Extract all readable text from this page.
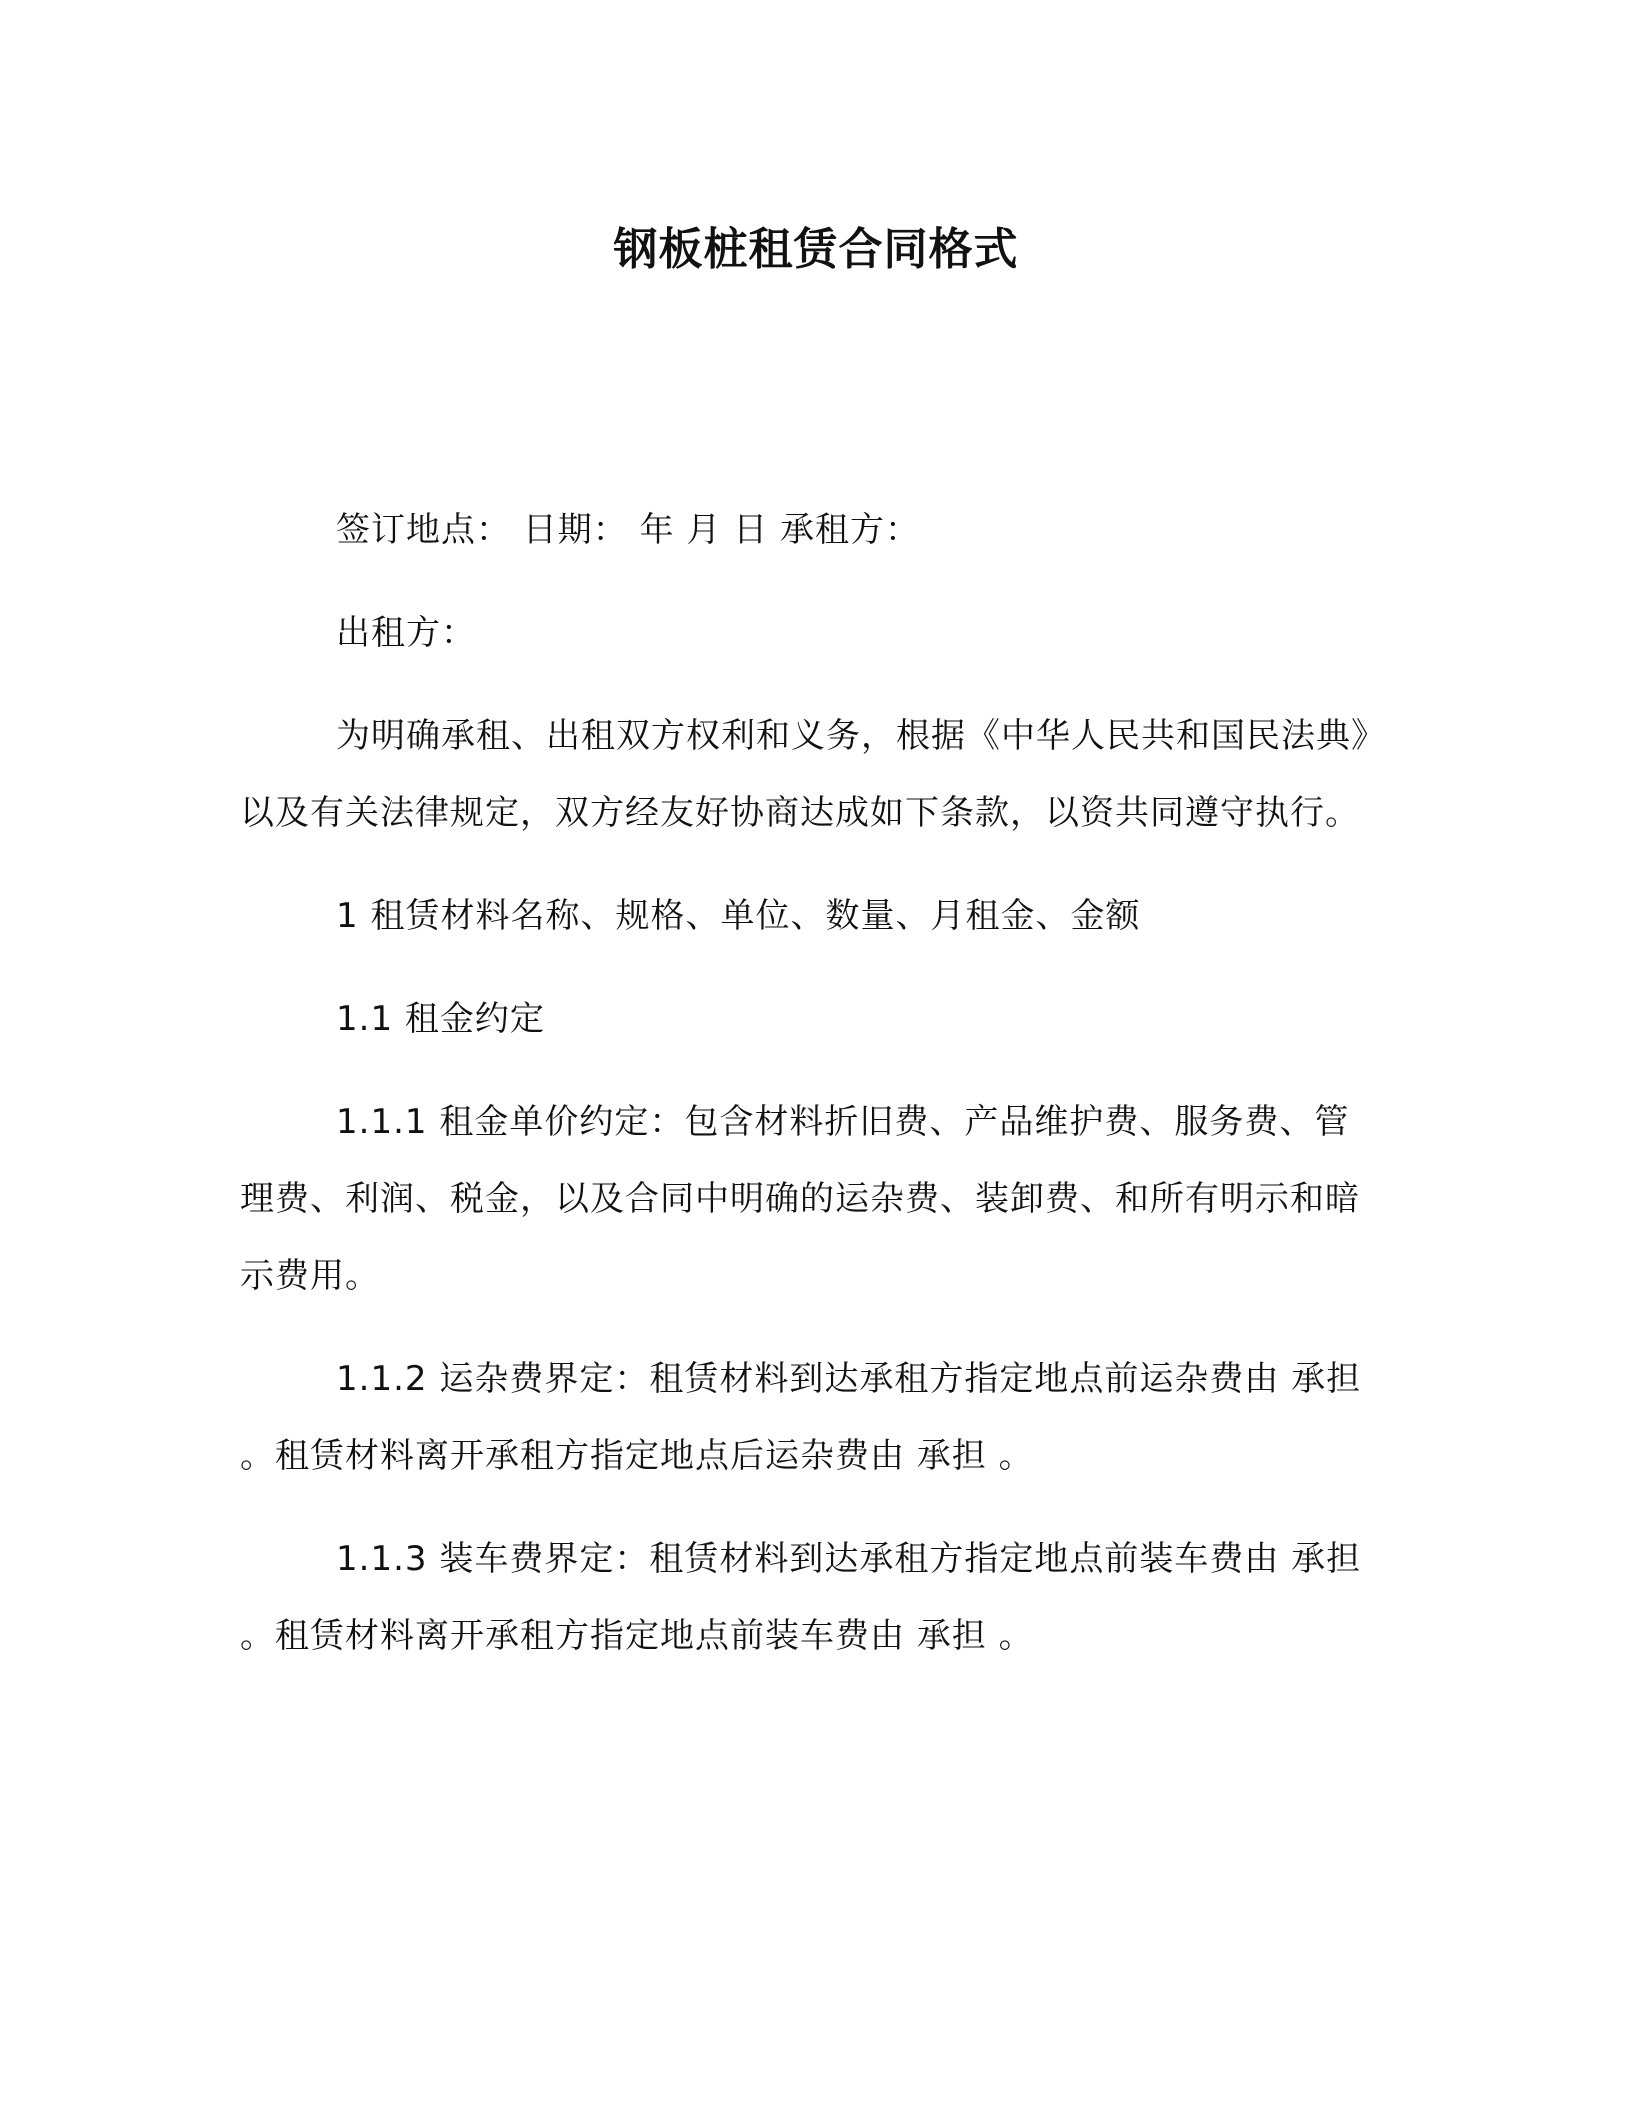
钢板桩租赁合同格式

签订地点： 日期： 年 月 日 承租方：

出租方：

为明确承租、出租双方权利和义务，根据《中华人民共和国民法典》以及有关法律规定，双方经友好协商达成如下条款，以资共同遵守执行。

1 租赁材料名称、规格、单位、数量、月租金、金额

1.1 租金约定

1.1.1 租金单价约定：包含材料折旧费、产品维护费、服务费、管理费、利润、税金，以及合同中明确的运杂费、装卸费、和所有明示和暗示费用。

1.1.2 运杂费界定：租赁材料到达承租方指定地点前运杂费由 承担 。租赁材料离开承租方指定地点后运杂费由 承担 。

1.1.3 装车费界定：租赁材料到达承租方指定地点前装车费由 承担 。租赁材料离开承租方指定地点前装车费由 承担 。
